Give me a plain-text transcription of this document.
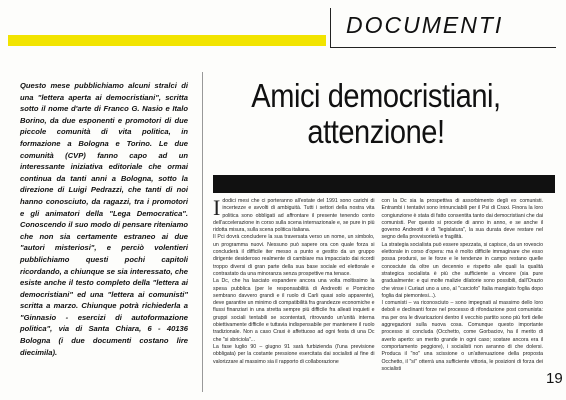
DOCUMENTI

Questo mese pubblichiamo alcuni stralci di una "lettera aperta ai democristiani", scritta sotto il nome d'arte di Franco G. Nasio e Italo Borino, da due esponenti e promotori di due piccole comunità di vita politica, in formazione a Bologna e Torino. Le due comunità (CVP) fanno capo ad un interessante iniziativa editoriale che ormai continua da tanti anni a Bologna, sotto la direzione di Luigi Pedrazzi, che tanti di noi hanno conosciuto, da ragazzi, tra i promotori e gli animatori della "Lega Democratica". Conoscendo il suo modo di pensare riteniamo che non sia certamente estraneo ai due "autori misteriosi", e perciò volentieri pubblichiamo questi pochi capitoli ricordando, a chiunque se sia interessato, che esiste anche il testo completo della "lettera ai democristiani" ed una "lettera ai comunisti" scritta a marzo. Chiunque potrà richiederla a "Ginnasio - esercizi di autoformazione politica", via di Santa Chiara, 6 - 40136 Bologna (i due documenti costano lire diecimila).

Amici democristiani,
attenzione!

Idodici mesi che ci porteranno all'estate del 1991 sono carichi di incertezze e avvolti di ambiguità. Tutti i settori della nostra vita politica sono obbligati ad affrontare il presente tenendo conto dell'accelerazione in corso sulla scena internazionale e, se pure in più ridotta misura, sulla scena politica italiana.

Il Pci dovrà concludere la sua traversata verso un nome, un simbolo, un programma nuovi. Nessuno può sapere ora con quale forza si concluderà il difficile iter messo a punto e gestito da un gruppo dirigente desideroso realmente di cambiare ma impacciato dai ricordi troppo diversi di gran parte della sua base sociale ed elettorale e contrastato da una minoranza senza prospettive ma tenace.

La Dc, che ha lasciato espandere ancora una volta moltissimo la spesa pubblica (per le responsabilità di Andreotti e Pomicino sembrano davvero grandi e il ruolo di Carli quasi solo apparente), deve garantire un minimo di compatibilità fra grandezze economiche e flussi finanziari in una stretta sempre più difficile fra alleati inquieti e gruppi sociali tentabili se scontentati, ritrovando un'unità interna obiettivamente difficile e tuttavia indispensabile per mantenere il ruolo tradizionale. Non a caso Craxi è affettuoso ad ogni festa di una Dc che "si sbriciola"...

La fase luglio 90 – giugno 91 sarà furbizienda (l'una previsione obbligata) per la costante pressione esercitata dai socialisti al fine di valorizzare al massimo sia il rapporto di collaborazione

con la Dc sia la prospettiva di assorbimento degli ex comunisti. Entrambi i tentativi sono irrinunciabili per il Psi di Craxi. Finora la loro congiunzione è stata di fatto consentita tanto dai democristiani che dai comunisti. Per questo si procede di anno in anno, e se anche il governo Andreotti è di "legislatura", la sua durata deve restare nel segno della provvisorietà e fragilità.

La strategia socialista può essere spezzata, si capisce, da un rovescio elettorale in corso d'opera: ma è molto difficile immaginare che esso possa prodursi, se le forze e le tendenze in campo restano quelle conosciute da oltre un decennio e rispetto alle quali la qualità strategica socialista è più che sufficiente a vincere (sia pure gradualmente: e qui molte malizie dilatorie sono possibili, dall'Orazio che vinse i Curiazi uno a uno, al "carciofo" Italia mangiato foglia dopo foglia dai piemontesi...).

I comunisti – va riconosciuto – sono impegnati al massimo dello loro deboli e declinanti forze nel processo di rifondazione post comunista: ma per ora le divaricazioni dentro il vecchio partito sono più forti delle aggregazioni sulla nuova cosa. Comunque questo importante processo si concluda (Occhetto, come Gorbaciov, ha il merito di averlo aperto: un merito grande in ogni caso; sostare ancora era il comportamento peggiore), i socialisti non avranno di che dolersi. Produca il "no" una scissione o un'attenuazione della proposta Occhetto, il "sì" otterrà una sufficiente vittoria, le posizioni di forza dei socialisti

19
